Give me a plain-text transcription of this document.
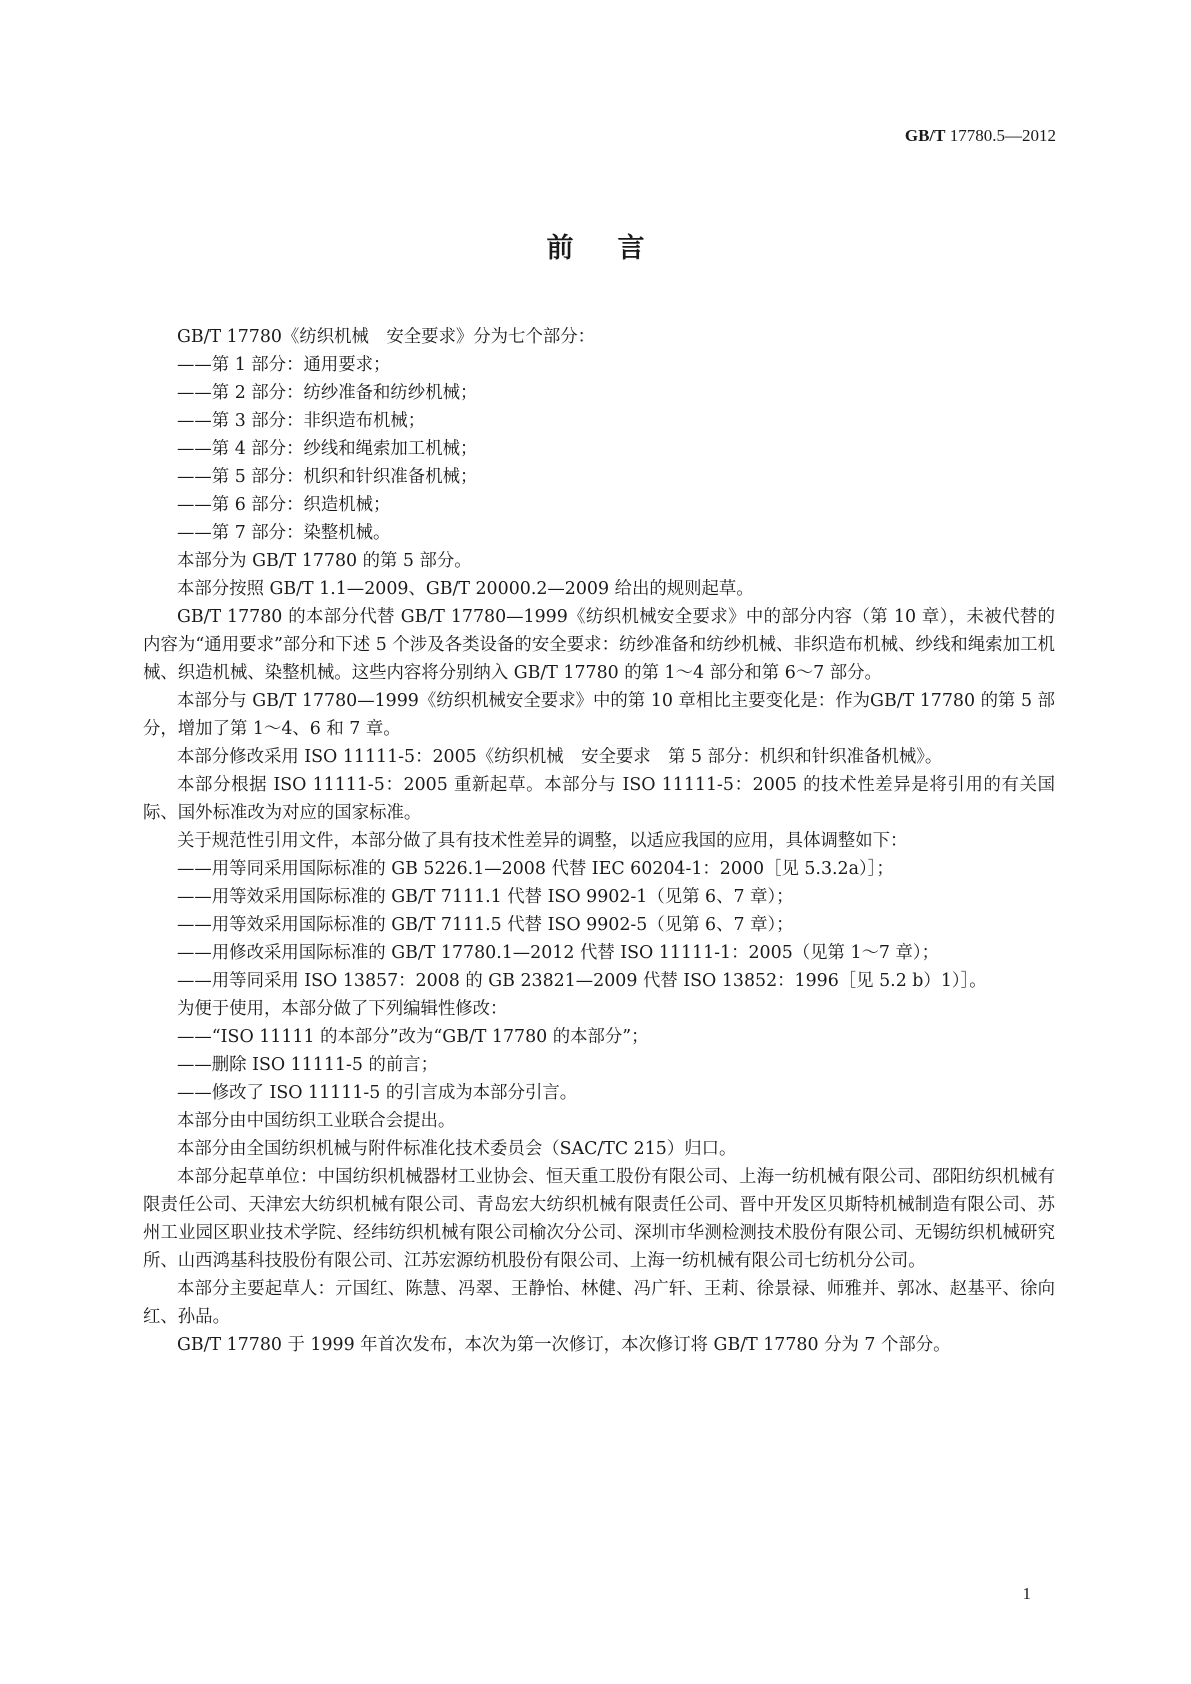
GB/T 17780.5—2012
前言

GB/T 17780《纺织机械　安全要求》分为七个部分：

——第 1 部分：通用要求；

——第 2 部分：纺纱准备和纺纱机械；

——第 3 部分：非织造布机械；

——第 4 部分：纱线和绳索加工机械；

——第 5 部分：机织和针织准备机械；

——第 6 部分：织造机械；

——第 7 部分：染整机械。

本部分为 GB/T 17780 的第 5 部分。

本部分按照 GB/T 1.1—2009、GB/T 20000.2—2009 给出的规则起草。

GB/T 17780 的本部分代替 GB/T 17780—1999《纺织机械安全要求》中的部分内容（第 10 章），未被代替的内容为“通用要求”部分和下述 5 个涉及各类设备的安全要求：纺纱准备和纺纱机械、非织造布机械、纱线和绳索加工机械、织造机械、染整机械。这些内容将分别纳入 GB/T 17780 的第 1～4 部分和第 6～7 部分。

本部分与 GB/T 17780—1999《纺织机械安全要求》中的第 10 章相比主要变化是：作为GB/T 17780 的第 5 部分，增加了第 1～4、6 和 7 章。

本部分修改采用 ISO 11111-5：2005《纺织机械　安全要求　第 5 部分：机织和针织准备机械》。

本部分根据 ISO 11111-5：2005 重新起草。本部分与 ISO 11111-5：2005 的技术性差异是将引用的有关国际、国外标准改为对应的国家标准。

关于规范性引用文件，本部分做了具有技术性差异的调整，以适应我国的应用，具体调整如下：

——用等同采用国际标准的 GB 5226.1—2008 代替 IEC 60204-1：2000［见 5.3.2a）］；

——用等效采用国际标准的 GB/T 7111.1 代替 ISO 9902-1（见第 6、7 章）；

——用等效采用国际标准的 GB/T 7111.5 代替 ISO 9902-5（见第 6、7 章）；

——用修改采用国际标准的 GB/T 17780.1—2012 代替 ISO 11111-1：2005（见第 1～7 章）；

——用等同采用 ISO 13857：2008 的 GB 23821—2009 代替 ISO 13852：1996［见 5.2 b）1）］。

为便于使用，本部分做了下列编辑性修改：

——“ISO 11111 的本部分”改为“GB/T 17780 的本部分”；

——删除 ISO 11111-5 的前言；

——修改了 ISO 11111-5 的引言成为本部分引言。

本部分由中国纺织工业联合会提出。

本部分由全国纺织机械与附件标准化技术委员会（SAC/TC 215）归口。

本部分起草单位：中国纺织机械器材工业协会、恒天重工股份有限公司、上海一纺机械有限公司、邵阳纺织机械有限责任公司、天津宏大纺织机械有限公司、青岛宏大纺织机械有限责任公司、晋中开发区贝斯特机械制造有限公司、苏州工业园区职业技术学院、经纬纺织机械有限公司榆次分公司、深圳市华测检测技术股份有限公司、无锡纺织机械研究所、山西鸿基科技股份有限公司、江苏宏源纺机股份有限公司、上海一纺机械有限公司七纺机分公司。

本部分主要起草人：亓国红、陈慧、冯翠、王静怡、林健、冯广轩、王莉、徐景禄、师雅并、郭冰、赵基平、徐向红、孙品。

GB/T 17780 于 1999 年首次发布，本次为第一次修订，本次修订将 GB/T 17780 分为 7 个部分。

1
